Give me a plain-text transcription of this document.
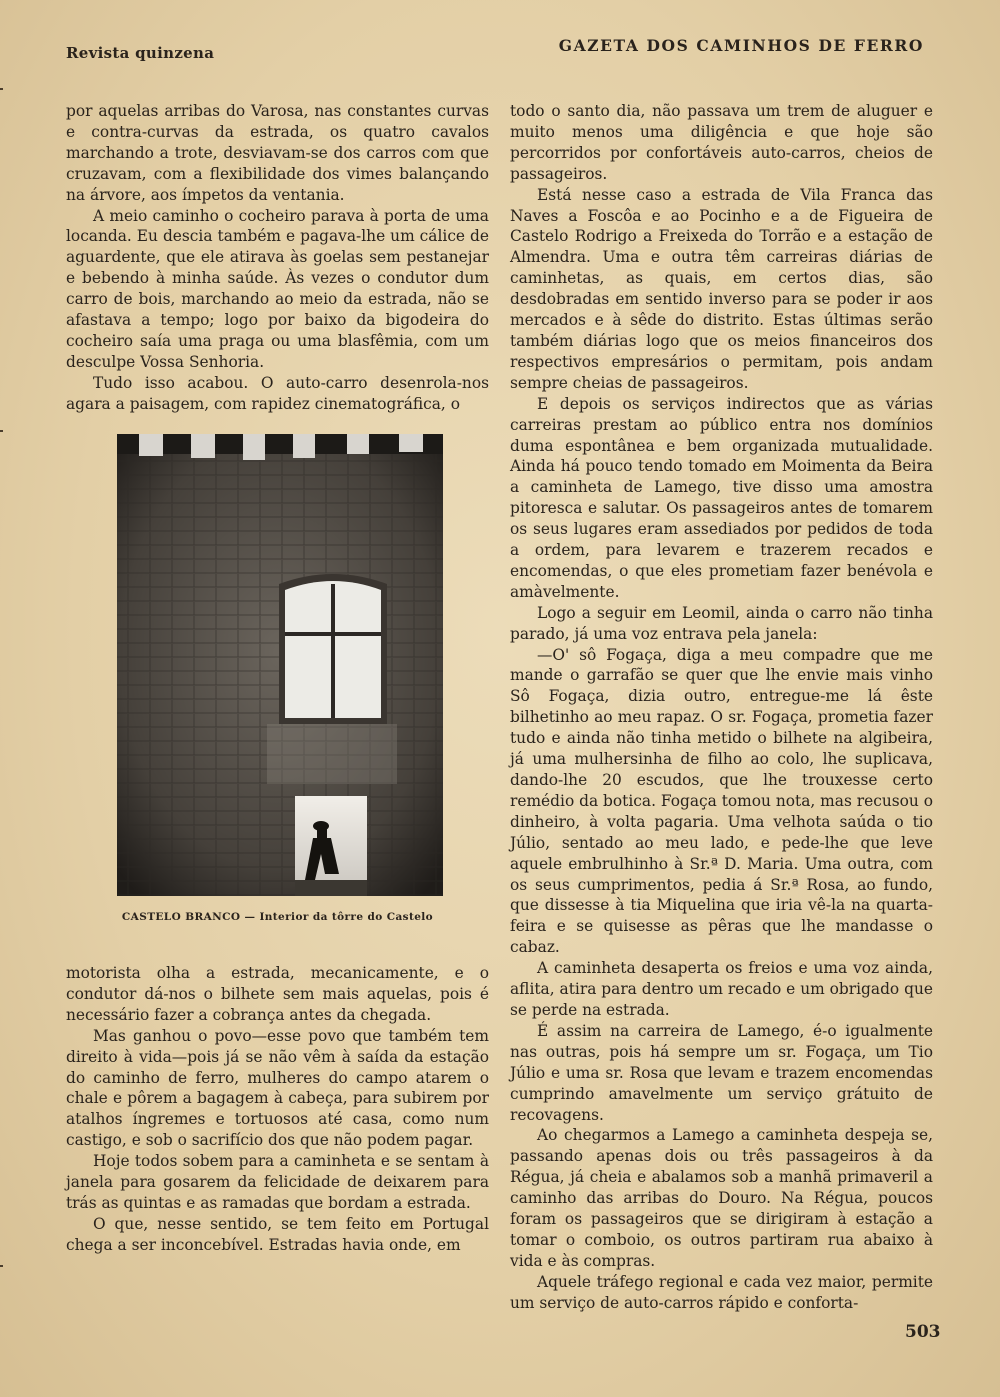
Revista quinzena	GAZETA DOS CAMINHOS DE FERRO

por aquelas arribas do Varosa, nas constantes curvas e contra-curvas da estrada, os quatro cavalos marchando a trote, desviavam-se dos carros com que cruzavam, com a flexibilidade dos vimes balançando na árvore, aos ímpetos da ventania.

A meio caminho o cocheiro parava à porta de uma locanda. Eu descia também e pagava-lhe um cálice de aguardente, que ele atirava às goelas sem pestanejar e bebendo à minha saúde. Às vezes o condutor dum carro de bois, marchando ao meio da estrada, não se afastava a tempo; logo por baixo da bigodeira do cocheiro saía uma praga ou uma blasfêmia, com um desculpe Vossa Senhoria.

Tudo isso acabou. O auto-carro desenrola-nos agara a paisagem, com rapidez cinematográfica, o

CASTELO BRANCO — Interior da tôrre do Castelo

motorista olha a estrada, mecanicamente, e o condutor dá-nos o bilhete sem mais aquelas, pois é necessário fazer a cobrança antes da chegada.

Mas ganhou o povo—esse povo que também tem direito à vida—pois já se não vêm à saída da estação do caminho de ferro, mulheres do campo atarem o chale e pôrem a bagagem à cabeça, para subirem por atalhos íngremes e tortuosos até casa, como num castigo, e sob o sacrifício dos que não podem pagar.

Hoje todos sobem para a caminheta e se sentam à janela para gosarem da felicidade de deixarem para trás as quintas e as ramadas que bordam a estrada.

O que, nesse sentido, se tem feito em Portugal chega a ser inconcebível. Estradas havia onde, em

todo o santo dia, não passava um trem de aluguer e muito menos uma diligência e que hoje são percorridos por confortáveis auto-carros, cheios de passageiros.

Está nesse caso a estrada de Vila Franca das Naves a Foscôa e ao Pocinho e a de Figueira de Castelo Rodrigo a Freixeda do Torrão e a estação de Almendra. Uma e outra têm carreiras diárias de caminhetas, as quais, em certos dias, são desdobradas em sentido inverso para se poder ir aos mercados e à sêde do distrito. Estas últimas serão também diárias logo que os meios financeiros dos respectivos empresários o permitam, pois andam sempre cheias de passageiros.

E depois os serviços indirectos que as várias carreiras prestam ao público entra nos domínios duma espontânea e bem organizada mutualidade. Ainda há pouco tendo tomado em Moimenta da Beira a caminheta de Lamego, tive disso uma amostra pitoresca e salutar. Os passageiros antes de tomarem os seus lugares eram assediados por pedidos de toda a ordem, para levarem e trazerem recados e encomendas, o que eles prometiam fazer benévola e amàvelmente.

Logo a seguir em Leomil, ainda o carro não tinha parado, já uma voz entrava pela janela:

—O' sô Fogaça, diga a meu compadre que me mande o garrafão se quer que lhe envie mais vinho Sô Fogaça, dizia outro, entregue-me lá êste bilhetinho ao meu rapaz. O sr. Fogaça, prometia fazer tudo e ainda não tinha metido o bilhete na algibeira, já uma mulhersinha de filho ao colo, lhe suplicava, dando-lhe 20 escudos, que lhe trouxesse certo remédio da botica. Fogaça tomou nota, mas recusou o dinheiro, à volta pagaria. Uma velhota saúda o tio Júlio, sentado ao meu lado, e pede-lhe que leve aquele embrulhinho à Sr.ª D. Maria. Uma outra, com os seus cumprimentos, pedia á Sr.ª Rosa, ao fundo, que dissesse à tia Miquelina que iria vê-la na quarta-feira e se quisesse as pêras que lhe mandasse o cabaz.

A caminheta desaperta os freios e uma voz ainda, aflita, atira para dentro um recado e um obrigado que se perde na estrada.

É assim na carreira de Lamego, é-o igualmente nas outras, pois há sempre um sr. Fogaça, um Tio Júlio e uma sr. Rosa que levam e trazem encomendas cumprindo amavelmente um serviço grátuito de recovagens.

Ao chegarmos a Lamego a caminheta despeja se, passando apenas dois ou três passageiros à da Régua, já cheia e abalamos sob a manhã primaveril a caminho das arribas do Douro. Na Régua, poucos foram os passageiros que se dirigiram à estação a tomar o comboio, os outros partiram rua abaixo à vida e às compras.

Aquele tráfego regional e cada vez maior, permite um serviço de auto-carros rápido e conforta-

503
